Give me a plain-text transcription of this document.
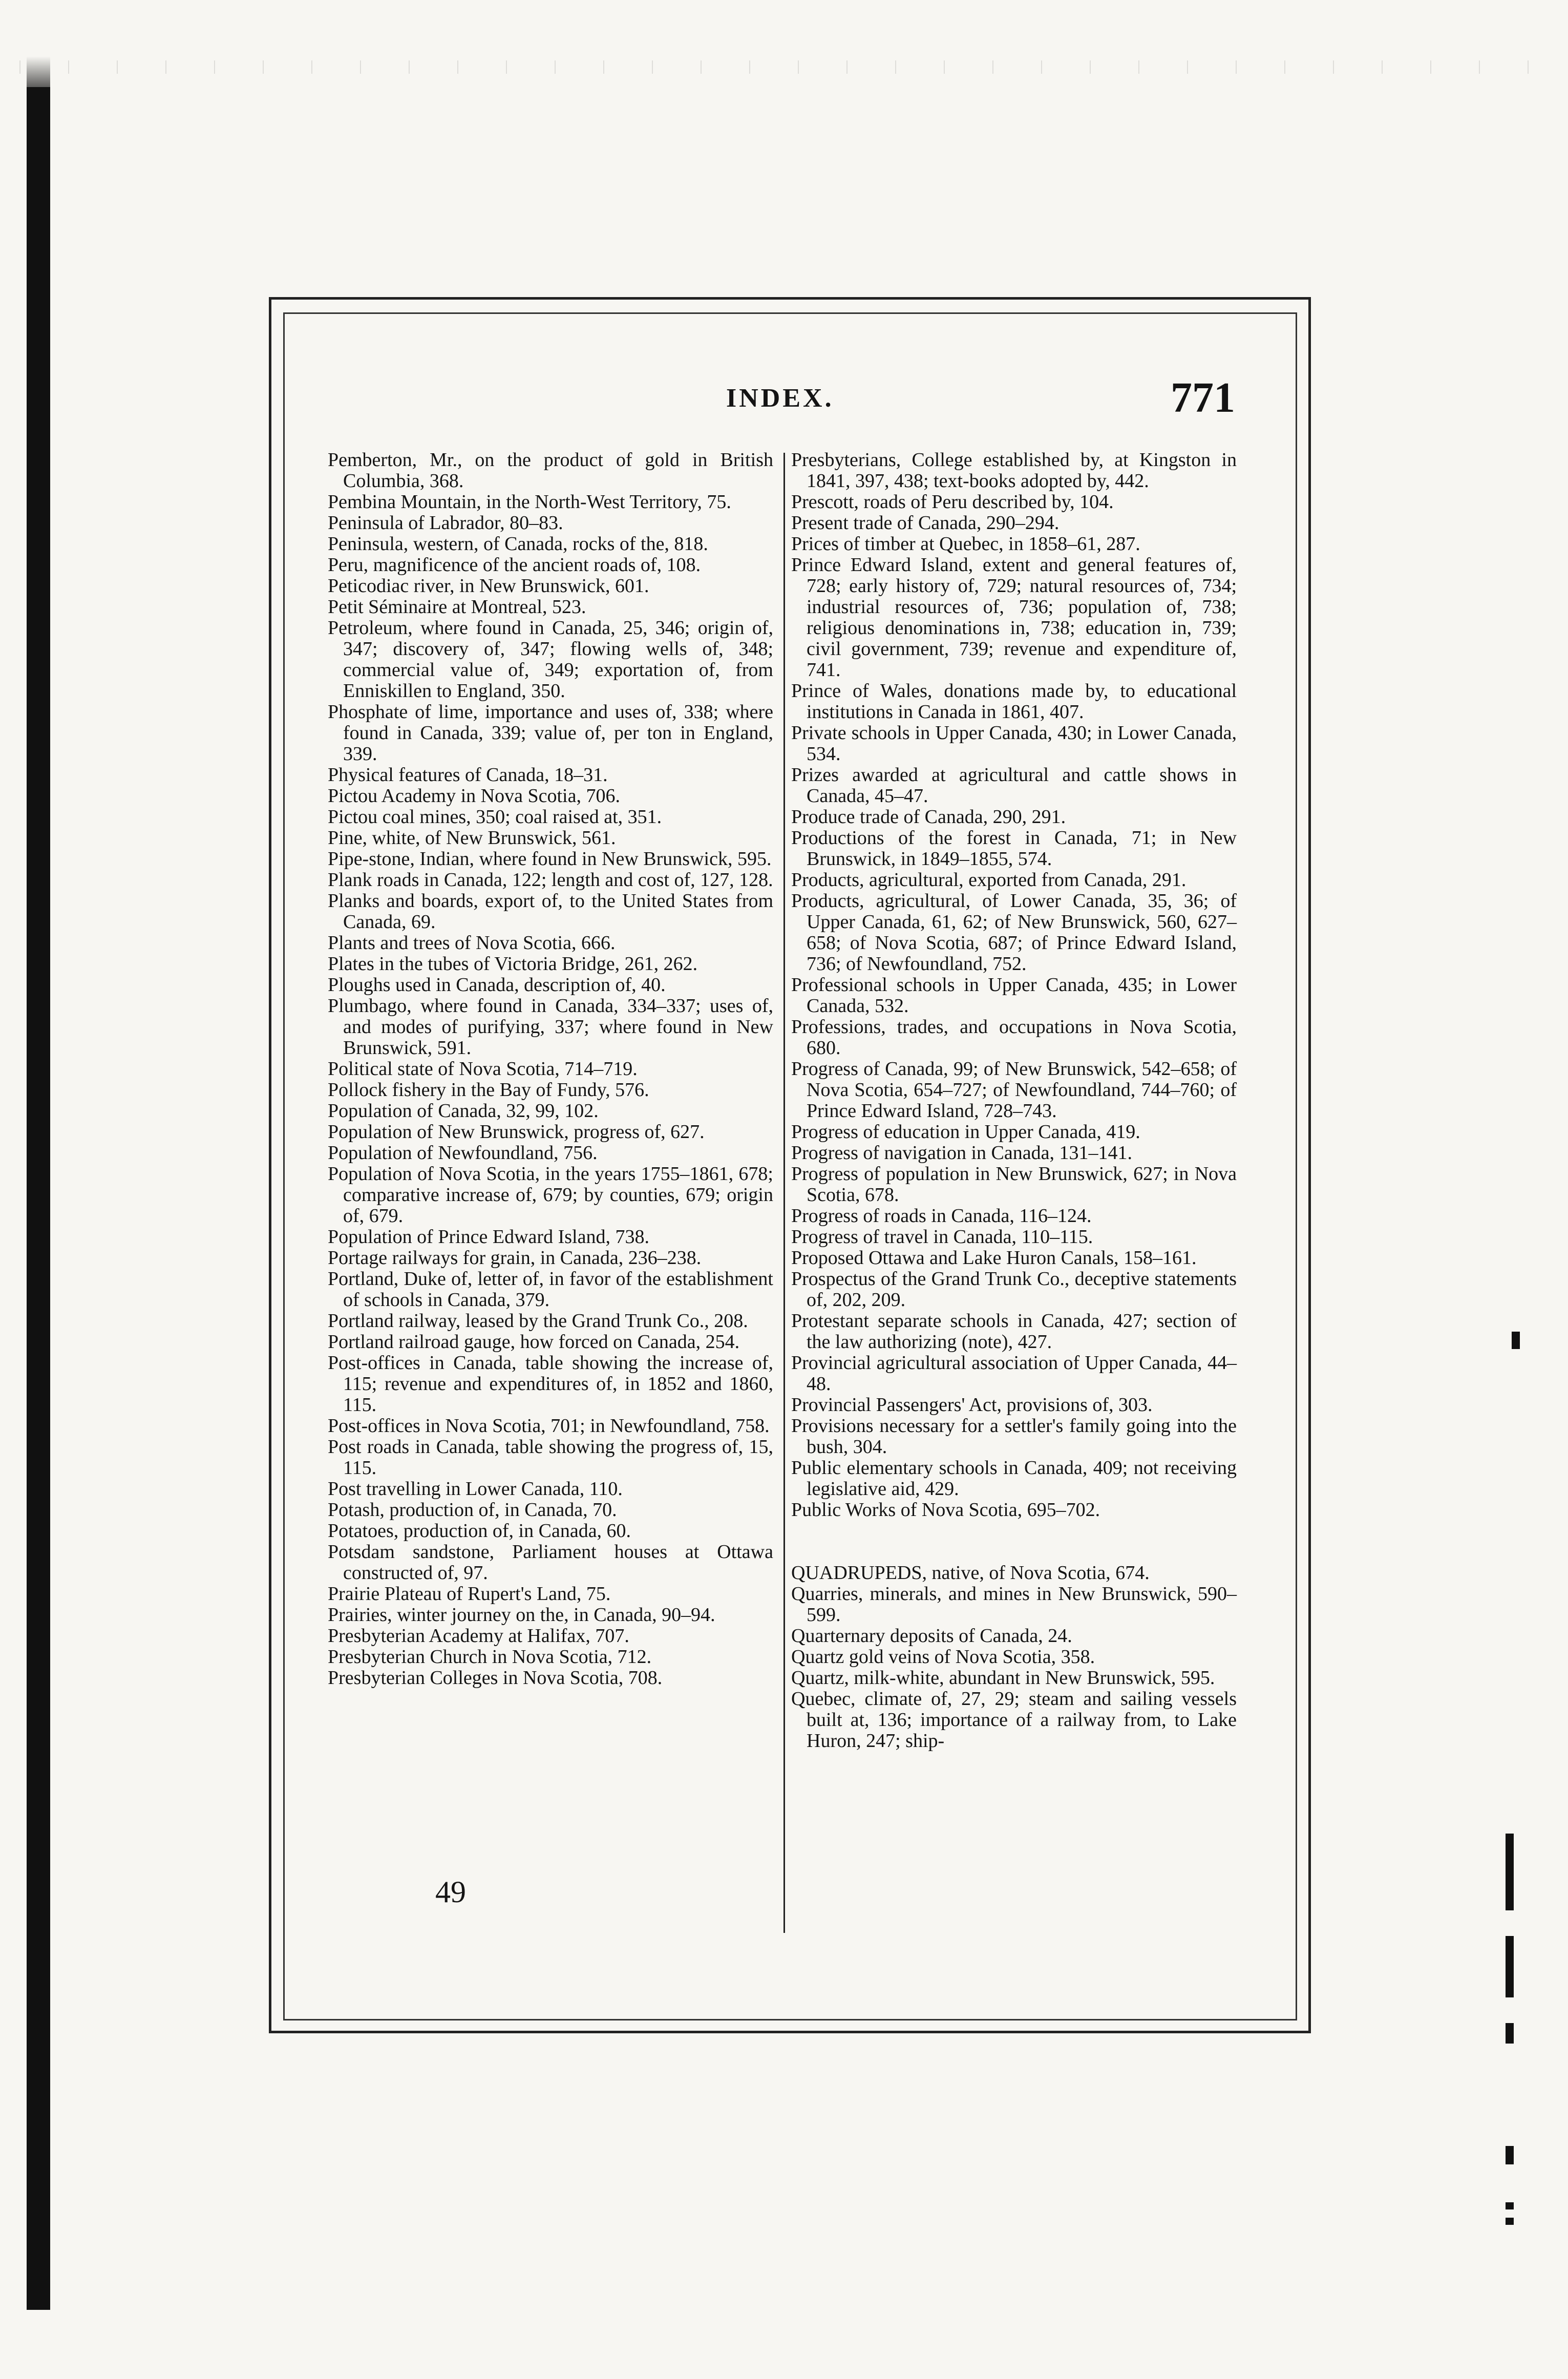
INDEX.	771
Pemberton, Mr., on the product of gold in British Columbia, 368.
Pembina Mountain, in the North-West Territory, 75.
Peninsula of Labrador, 80–83.
Peninsula, western, of Canada, rocks of the, 818.
Peru, magnificence of the ancient roads of, 108.
Peticodiac river, in New Brunswick, 601.
Petit Séminaire at Montreal, 523.
Petroleum, where found in Canada, 25, 346; origin of, 347; discovery of, 347; flowing wells of, 348; commercial value of, 349; exportation of, from Enniskillen to England, 350.
Phosphate of lime, importance and uses of, 338; where found in Canada, 339; value of, per ton in England, 339.
Physical features of Canada, 18–31.
Pictou Academy in Nova Scotia, 706.
Pictou coal mines, 350; coal raised at, 351.
Pine, white, of New Brunswick, 561.
Pipe-stone, Indian, where found in New Brunswick, 595.
Plank roads in Canada, 122; length and cost of, 127, 128.
Planks and boards, export of, to the United States from Canada, 69.
Plants and trees of Nova Scotia, 666.
Plates in the tubes of Victoria Bridge, 261, 262.
Ploughs used in Canada, description of, 40.
Plumbago, where found in Canada, 334–337; uses of, and modes of purifying, 337; where found in New Brunswick, 591.
Political state of Nova Scotia, 714–719.
Pollock fishery in the Bay of Fundy, 576.
Population of Canada, 32, 99, 102.
Population of New Brunswick, progress of, 627.
Population of Newfoundland, 756.
Population of Nova Scotia, in the years 1755–1861, 678; comparative increase of, 679; by counties, 679; origin of, 679.
Population of Prince Edward Island, 738.
Portage railways for grain, in Canada, 236–238.
Portland, Duke of, letter of, in favor of the establishment of schools in Canada, 379.
Portland railway, leased by the Grand Trunk Co., 208.
Portland railroad gauge, how forced on Canada, 254.
Post-offices in Canada, table showing the increase of, 115; revenue and expenditures of, in 1852 and 1860, 115.
Post-offices in Nova Scotia, 701; in Newfoundland, 758.
Post roads in Canada, table showing the progress of, 15, 115.
Post travelling in Lower Canada, 110.
Potash, production of, in Canada, 70.
Potatoes, production of, in Canada, 60.
Potsdam sandstone, Parliament houses at Ottawa constructed of, 97.
Prairie Plateau of Rupert's Land, 75.
Prairies, winter journey on the, in Canada, 90–94.
Presbyterian Academy at Halifax, 707.
Presbyterian Church in Nova Scotia, 712.
Presbyterian Colleges in Nova Scotia, 708.
Presbyterians, College established by, at Kingston in 1841, 397, 438; text-books adopted by, 442.
Prescott, roads of Peru described by, 104.
Present trade of Canada, 290–294.
Prices of timber at Quebec, in 1858–61, 287.
Prince Edward Island, extent and general features of, 728; early history of, 729; natural resources of, 734; industrial resources of, 736; population of, 738; religious denominations in, 738; education in, 739; civil government, 739; revenue and expenditure of, 741.
Prince of Wales, donations made by, to educational institutions in Canada in 1861, 407.
Private schools in Upper Canada, 430; in Lower Canada, 534.
Prizes awarded at agricultural and cattle shows in Canada, 45–47.
Produce trade of Canada, 290, 291.
Productions of the forest in Canada, 71; in New Brunswick, in 1849–1855, 574.
Products, agricultural, exported from Canada, 291.
Products, agricultural, of Lower Canada, 35, 36; of Upper Canada, 61, 62; of New Brunswick, 560, 627–658; of Nova Scotia, 687; of Prince Edward Island, 736; of Newfoundland, 752.
Professional schools in Upper Canada, 435; in Lower Canada, 532.
Professions, trades, and occupations in Nova Scotia, 680.
Progress of Canada, 99; of New Brunswick, 542–658; of Nova Scotia, 654–727; of Newfoundland, 744–760; of Prince Edward Island, 728–743.
Progress of education in Upper Canada, 419.
Progress of navigation in Canada, 131–141.
Progress of population in New Brunswick, 627; in Nova Scotia, 678.
Progress of roads in Canada, 116–124.
Progress of travel in Canada, 110–115.
Proposed Ottawa and Lake Huron Canals, 158–161.
Prospectus of the Grand Trunk Co., deceptive statements of, 202, 209.
Protestant separate schools in Canada, 427; section of the law authorizing (note), 427.
Provincial agricultural association of Upper Canada, 44–48.
Provincial Passengers' Act, provisions of, 303.
Provisions necessary for a settler's family going into the bush, 304.
Public elementary schools in Canada, 409; not receiving legislative aid, 429.
Public Works of Nova Scotia, 695–702.
QUADRUPEDS, native, of Nova Scotia, 674.
Quarries, minerals, and mines in New Brunswick, 590–599.
Quarternary deposits of Canada, 24.
Quartz gold veins of Nova Scotia, 358.
Quartz, milk-white, abundant in New Brunswick, 595.
Quebec, climate of, 27, 29; steam and sailing vessels built at, 136; importance of a railway from, to Lake Huron, 247; ship-
49
